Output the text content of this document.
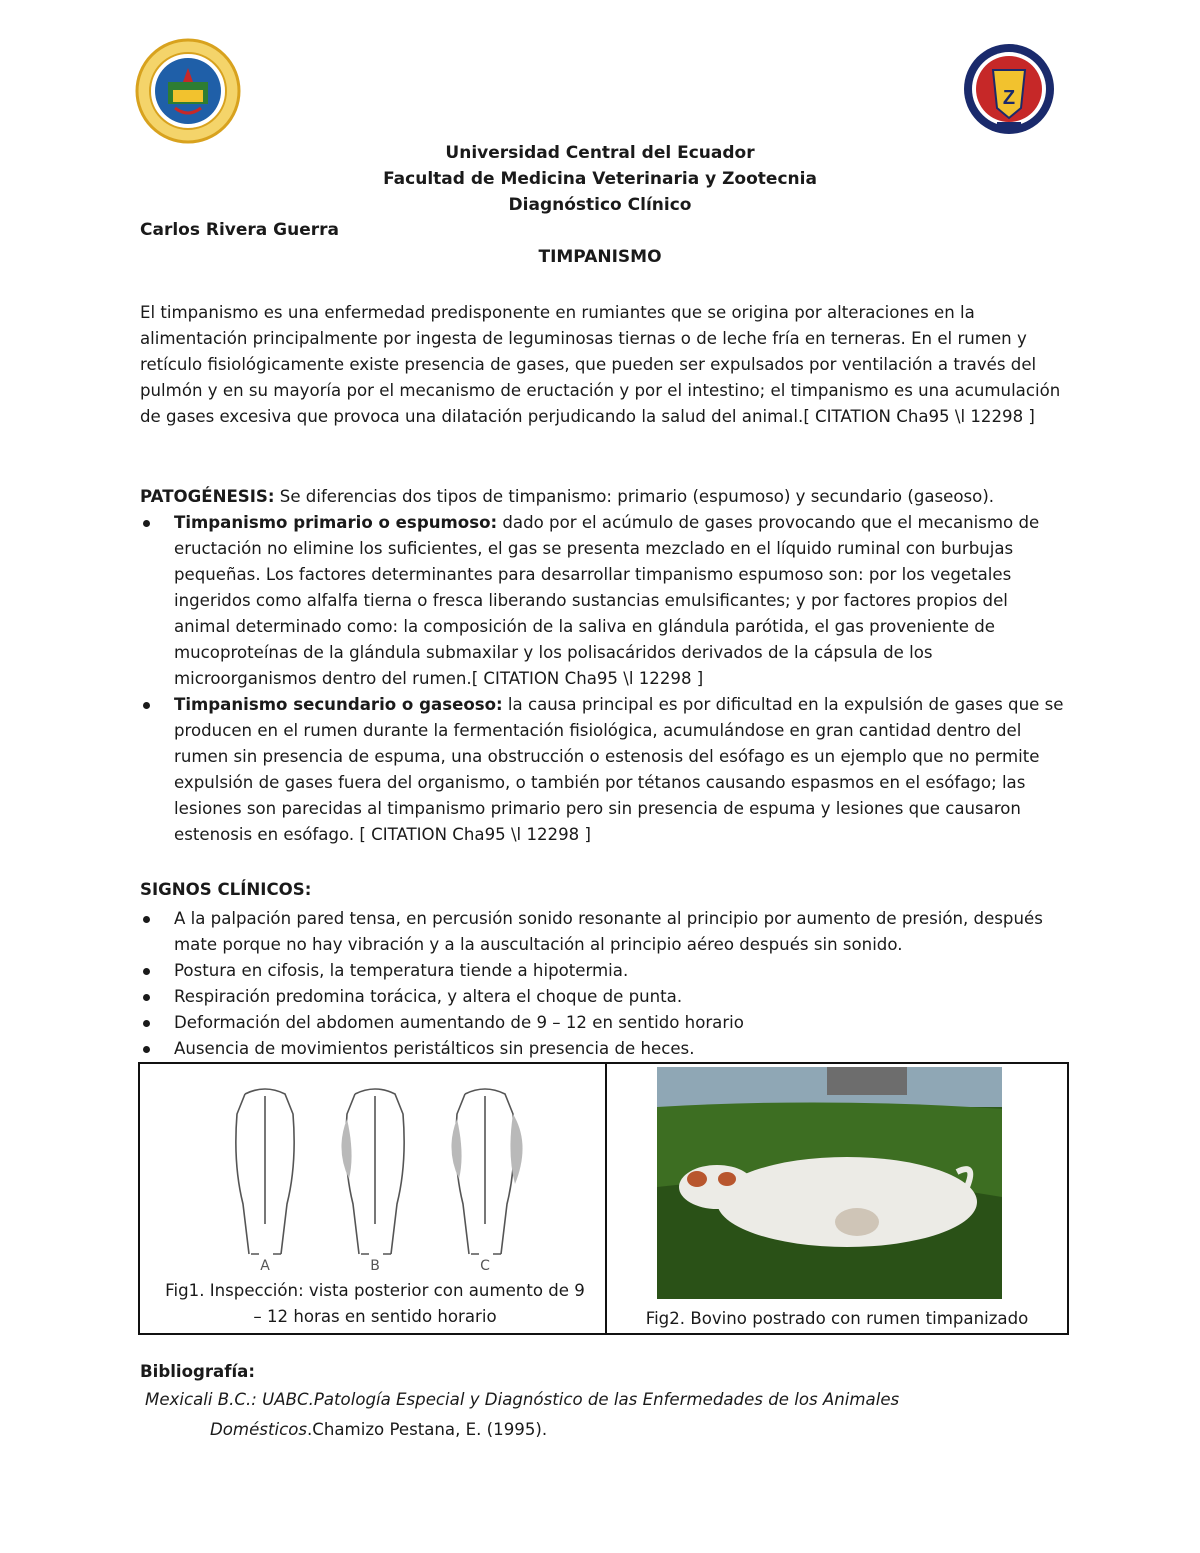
Z
Universidad Central del Ecuador
Facultad de Medicina Veterinaria y Zootecnia
Diagnóstico Clínico
Carlos Rivera Guerra
TIMPANISMO
El timpanismo es una enfermedad predisponente en rumiantes que se origina por alteraciones en la alimentación principalmente por ingesta de leguminosas tiernas o de leche fría en terneras. En el rumen y retículo fisiológicamente existe presencia de gases, que pueden ser expulsados por ventilación a través del pulmón y en su mayoría por el mecanismo de eructación y por el intestino; el timpanismo es una acumulación de gases excesiva que provoca una dilatación perjudicando la salud del animal.[ CITATION Cha95 \l 12298 ]
PATOGÉNESIS: Se diferencias dos tipos de timpanismo: primario (espumoso) y secundario (gaseoso).
Timpanismo primario o espumoso: dado por el acúmulo de gases provocando que el mecanismo de eructación no elimine los suficientes, el gas se presenta mezclado en el líquido ruminal con burbujas pequeñas. Los factores determinantes para desarrollar timpanismo espumoso son: por los vegetales ingeridos como alfalfa tierna o fresca liberando sustancias emulsificantes; y por factores propios del animal determinado como: la composición de la saliva en glándula parótida, el gas proveniente de mucoproteínas de la glándula submaxilar y los polisacáridos derivados de la cápsula de los microorganismos dentro del rumen.[ CITATION Cha95 \l 12298 ]
Timpanismo secundario o gaseoso: la causa principal es por dificultad en la expulsión de gases que se producen en el rumen durante la fermentación fisiológica, acumulándose en gran cantidad dentro del rumen sin presencia de espuma, una obstrucción o estenosis del esófago es un ejemplo que no permite expulsión de gases fuera del organismo, o también por tétanos causando espasmos en el esófago; las lesiones son parecidas al timpanismo primario pero sin presencia de espuma y lesiones que causaron estenosis en esófago. [ CITATION Cha95 \l 12298 ]
SIGNOS CLÍNICOS:
A la palpación pared tensa, en percusión sonido resonante al principio por aumento de presión, después mate porque no hay vibración y a la auscultación al principio aéreo después sin sonido.
Postura en cifosis, la temperatura tiende a hipotermia.
Respiración predomina torácica, y altera el choque de punta.
Deformación del abdomen aumentando de 9 – 12 en sentido horario
Ausencia de movimientos peristálticos sin presencia de heces.
A	B	C
Fig1. Inspección: vista posterior con aumento de 9 – 12 horas en sentido horario	Fig2. Bovino postrado con rumen timpanizado
Bibliografía:
Mexicali B.C.: UABC.Patología Especial y Diagnóstico de las Enfermedades de los Animales
Domésticos.Chamizo Pestana, E. (1995).
